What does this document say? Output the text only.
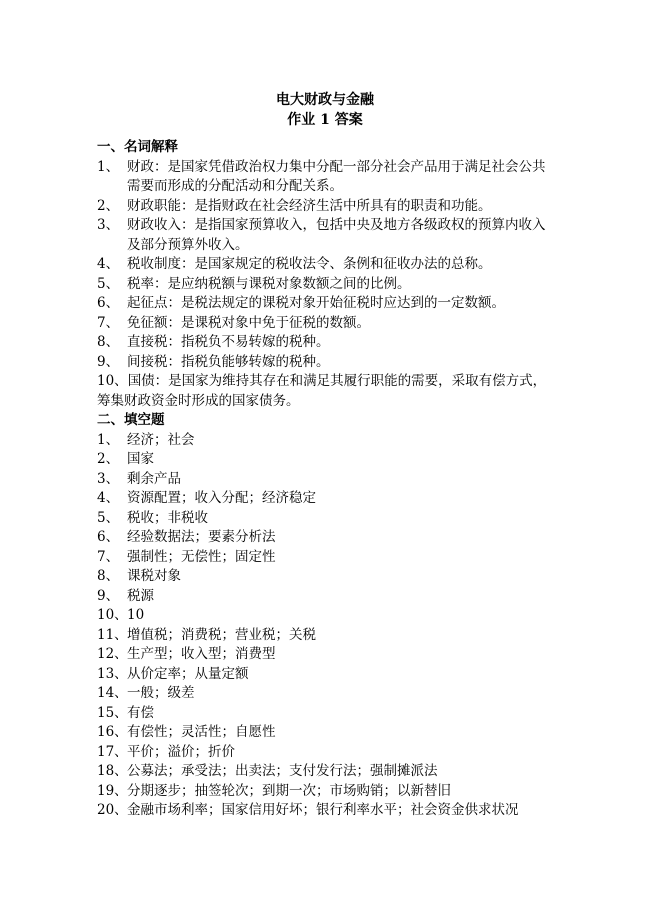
电大财政与金融
作业 1 答案
一、名词解释
1、 财政：是国家凭借政治权力集中分配一部分社会产品用于满足社会公共需要而形成的分配活动和分配关系。
2、 财政职能：是指财政在社会经济生活中所具有的职责和功能。
3、 财政收入：是指国家预算收入，包括中央及地方各级政权的预算内收入及部分预算外收入。
4、 税收制度：是国家规定的税收法令、条例和征收办法的总称。
5、 税率：是应纳税额与课税对象数额之间的比例。
6、 起征点：是税法规定的课税对象开始征税时应达到的一定数额。
7、 免征额：是课税对象中免于征税的数额。
8、 直接税：指税负不易转嫁的税种。
9、 间接税：指税负能够转嫁的税种。
10、国债：是国家为维持其存在和满足其履行职能的需要，采取有偿方式，筹集财政资金时形成的国家债务。
二、填空题
1、 经济；社会
2、 国家
3、 剩余产品
4、 资源配置；收入分配；经济稳定
5、 税收；非税收
6、 经验数据法；要素分析法
7、 强制性；无偿性；固定性
8、 课税对象
9、 税源
10、 10
11、 增值税；消费税；营业税；关税
12、 生产型；收入型；消费型
13、 从价定率；从量定额
14、 一般；级差
15、 有偿
16、 有偿性；灵活性；自愿性
17、 平价；溢价；折价
18、 公募法；承受法；出卖法；支付发行法；强制摊派法
19、 分期逐步；抽签轮次；到期一次；市场购销；以新替旧
20、 金融市场利率；国家信用好坏；银行利率水平；社会资金供求状况
